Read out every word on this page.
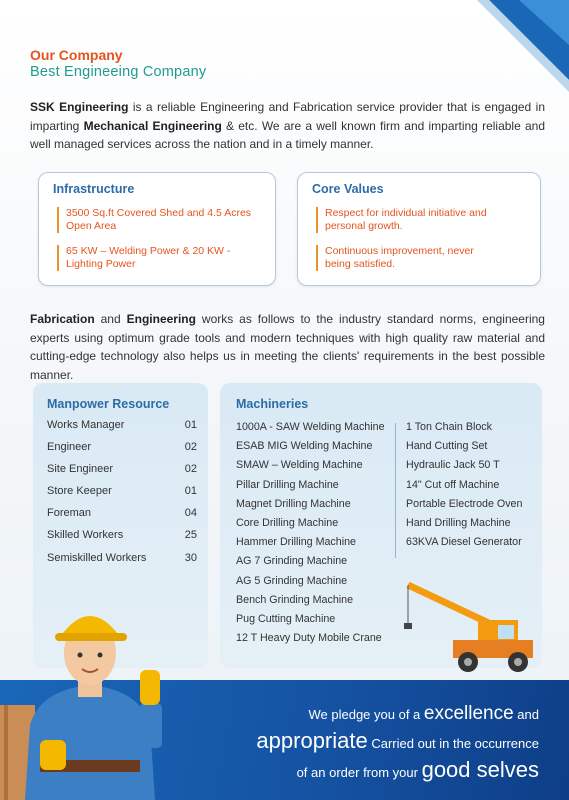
Our Company
Best Engineeing Company

SSK Engineering is a reliable Engineering and Fabrication service provider that is engaged in imparting Mechanical Engineering & etc. We are a well known firm and imparting reliable and well managed services across the nation and in a timely manner.

Infrastructure
3500 Sq.ft Covered Shed and 4.5 Acres Open Area
65 KW – Welding Power & 20 KW - Lighting Power
Core Values
Respect for individual initiative and personal growth.
Continuous improvement, never being satisfied.

Fabrication and Engineering works as follows to the industry standard norms, engineering experts using optimum grade tools and modern techniques with high quality raw material and cutting-edge technology also helps us in meeting the clients' requirements in the best possible manner.

Manpower Resource
Works Manager	01
Engineer	02
Site Engineer	02
Store Keeper	01
Foreman	04
Skilled Workers	25
Semiskilled Workers	30
Machineries
1000A - SAW Welding Machine
ESAB MIG Welding Machine
SMAW – Welding Machine
Pillar Drilling Machine
Magnet Drilling Machine
Core Drilling Machine
Hammer Drilling Machine
AG 7 Grinding Machine
AG 5 Grinding Machine
Bench Grinding Machine
Pug Cutting Machine
12 T Heavy Duty Mobile Crane
1 Ton Chain Block
Hand Cutting Set
Hydraulic Jack 50 T
14" Cut off Machine
Portable Electrode Oven
Hand Drilling Machine
63KVA Diesel Generator
We pledge you of a excellence and
appropriate Carried out in the occurrence
of an order from your good selves
